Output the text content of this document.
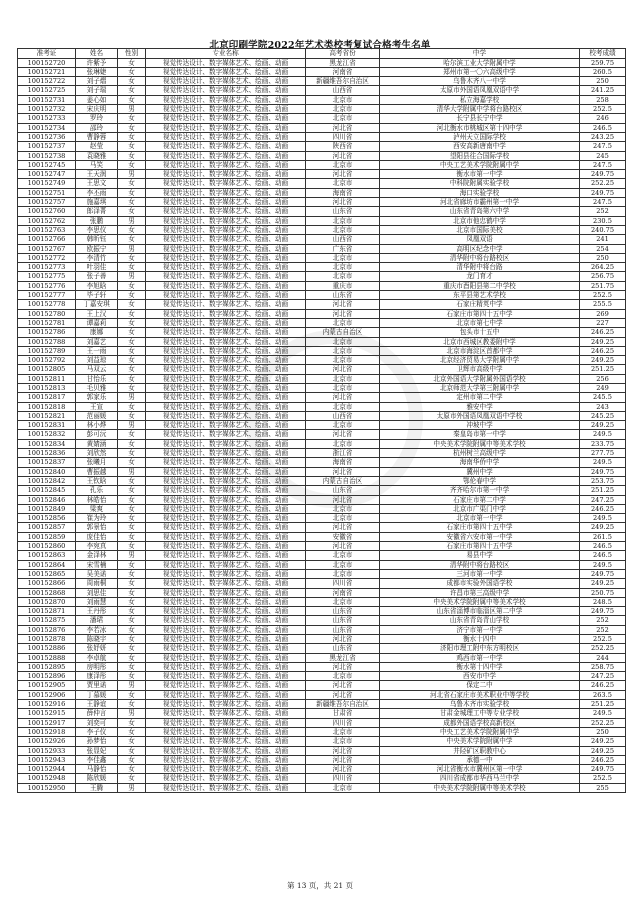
北京印刷学院2022年艺术类校考复试合格考生名单
准考证	姓名	性别	专业名称	高考省份	中学	校考成绩
100152720	许紫予	女	视觉传达设计、数字媒体艺术、绘画、动画	黑龙江省	哈尔滨工业大学附属中学	259.75
100152721	张琳婕	女	视觉传达设计、数字媒体艺术、绘画、动画	河南省	郑州市第一〇六高级中学	260.5
100152722	刘子熠	女	视觉传达设计、数字媒体艺术、绘画、动画	新疆维吾尔自治区	乌鲁木齐八一中学	250
100152725	刘子瑞	女	视觉传达设计、数字媒体艺术、绘画、动画	山西省	太原市外国语凤凰双语中学	241.25
100152731	姜心如	女	视觉传达设计、数字媒体艺术、绘画、动画	北京市	私立海嘉学校	258
100152732	宋庆明	男	视觉传达设计、数字媒体艺术、绘画、动画	北京市	清华大学附属中学将台路校区	252.5
100152733	罗玲	女	视觉传达设计、数字媒体艺术、绘画、动画	北京市	长宁县长宁中学	246
100152734	邵玲	女	视觉传达设计、数字媒体艺术、绘画、动画	河北省	河北衡水市桃城区第十四中学	246.5
100152736	曹静蓉	女	视觉传达设计、数字媒体艺术、绘画、动画	四川省	泸州天立国际学校	243.25
100152737	赵莹	女	视觉传达设计、数字媒体艺术、绘画、动画	陕西省	西安高新唐南中学	247.5
100152738	袁晓雅	女	视觉传达设计、数字媒体艺术、绘画、动画	河北省	望阳县往合国际学校	245
100152745	马笑	女	视觉传达设计、数字媒体艺术、绘画、动画	北京市	中央工艺美术学院附属中学	247.5
100152747	王天润	男	视觉传达设计、数字媒体艺术、绘画、动画	河北省	衡水市第一中学	249.75
100152749	王思文	女	视觉传达设计、数字媒体艺术、绘画、动画	北京市	中科院附属实验学校	252.25
100152751	李丕雨	女	视觉传达设计、数字媒体艺术、绘画、动画	海南省	海口实验学校	249.75
100152757	施嘉琪	女	视觉传达设计、数字媒体艺术、绘画、动画	河北省	河北省廊坊市霸州第一中学	247.5
100152760	郎泽菁	女	视觉传达设计、数字媒体艺术、绘画、动画	山东省	山东省青岛第六中学	252
100152762	张鹏	男	视觉传达设计、数字媒体艺术、绘画、动画	北京市	北京市他忠鹤中学	230.5
100152763	李思仪	女	视觉传达设计、数字媒体艺术、绘画、动画	北京市	北京市国际美校	240.75
100152766	韩昕钰	女	视觉传达设计、数字媒体艺术、绘画、动画	山西省	凤凰双语	241
100152767	欧振宁	男	视觉传达设计、数字媒体艺术、绘画、动画	广东省	高明区纪念中学	254
100152772	李清竹	女	视觉传达设计、数字媒体艺术、绘画、动画	北京市	清华附中将台路校区	250
100152773	叶羽佳	女	视觉传达设计、数字媒体艺术、绘画、动画	北京市	清华附中将台路	264.25
100152775	张子善	男	视觉传达设计、数字媒体艺术、绘画、动画	北京市	龙门育才	256.75
100152776	李旭晗	女	视觉传达设计、数字媒体艺术、绘画、动画	重庆市	重庆市酉阳县第二中学校	251.75
100152777	毕子轩	女	视觉传达设计、数字媒体艺术、绘画、动画	山东省	东平县第艺术学校	252.5
100152778	丁嘉安琪	女	视觉传达设计、数字媒体艺术、绘画、动画	河北省	石家庄精英中学	255.5
100152780	王上汉	女	视觉传达设计、数字媒体艺术、绘画、动画	河北省	石家庄市第四十五中学	269
100152781	谭嘉莉	女	视觉传达设计、数字媒体艺术、绘画、动画	北京市	北京市第七中学	227
100152786	康娜	女	视觉传达设计、数字媒体艺术、绘画、动画	内蒙古自治区	包头市十五中	246.25
100152788	刘嘉艺	女	视觉传达设计、数字媒体艺术、绘画、动画	北京市	北京市西城区教委附中学	249.25
100152789	王一雨	女	视觉传达设计、数字媒体艺术、绘画、动画	北京市	北京市海淀区首都中学	246.25
100152792	刘益琼	女	视觉传达设计、数字媒体艺术、绘画、动画	北京市	北京经济贸易大学附属中学	249.25
100152805	马双云	女	视觉传达设计、数字媒体艺术、绘画、动画	河北省	卫辉市高级中学	251.25
100152811	甘怡乐	女	视觉传达设计、数字媒体艺术、绘画、动画	北京市	北京外国语大学附属外国语学校	256
100152813	毛贝雅	女	视觉传达设计、数字媒体艺术、绘画、动画	北京市	北京师范大学第三附属中学	249
100152817	郭家乐	男	视觉传达设计、数字媒体艺术、绘画、动画	河北省	定州市第二中学	245.5
100152818	王宣	女	视觉传达设计、数字媒体艺术、绘画、动画	北京市	雅安中学	243
100152821	范丽媛	女	视觉传达设计、数字媒体艺术、绘画、动画	山西省	太原市外国语凤凰双语中学校	245.25
100152831	林小烨	男	视觉传达设计、数字媒体艺术、绘画、动画	北京市	冲坡中学	249.25
100152832	彭可沅	女	视觉传达设计、数字媒体艺术、绘画、动画	河北省	秦皇岛市第一中学	249.5
100152834	黄婧涵	女	视觉传达设计、数字媒体艺术、绘画、动画	北京市	中央美术学院附属中等美术学校	233.75
100152836	刘欣然	女	视觉传达设计、数字媒体艺术、绘画、动画	浙江省	杭州树兰高级中学	277.75
100152837	张曦月	女	视觉传达设计、数字媒体艺术、绘画、动画	海南省	海南华侨中学	249.5
100152840	曹振越	男	视觉传达设计、数字媒体艺术、绘画、动画	河北省	冀州中学	249.75
100152842	王钦晗	女	视觉传达设计、数字媒体艺术、绘画、动画	内蒙古自治区	鄂伦春中学	253.75
100152845	孔乐	女	视觉传达设计、数字媒体艺术、绘画、动画	山东省	齐齐哈尔市第一中学	251.25
100152846	林皓怡	女	视觉传达设计、数字媒体艺术、绘画、动画	河北省	石家庄市第二中学	247.25
100152849	梁爽	女	视觉传达设计、数字媒体艺术、绘画、动画	北京市	北京市广渠门中学	246.25
100152856	崔为玲	女	视觉传达设计、数字媒体艺术、绘画、动画	北京市	北京市第一中学	249.5
100152857	郭景怡	女	视觉传达设计、数字媒体艺术、绘画、动画	河北省	石家庄市第四十五中学	249.25
100152859	庞佳怡	女	视觉传达设计、数字媒体艺术、绘画、动画	安徽省	安徽省六安市第一中学	261.5
100152860	李宛真	女	视觉传达设计、数字媒体艺术、绘画、动画	河北省	石家庄市第四十五中学	246.5
100152863	金泽林	男	视觉传达设计、数字媒体艺术、绘画、动画	北京市	易县中学	246.5
100152864	宋雪楠	女	视觉传达设计、数字媒体艺术、绘画、动画	北京市	清华附中将台路校区	249.5
100152865	吴美诺	女	视觉传达设计、数字媒体艺术、绘画、动画	北京市	三河市第一中学	249.75
100152866	周雨桐	女	视觉传达设计、数字媒体艺术、绘画、动画	四川省	成都市实验外国语学校	249.25
100152868	刘思佳	女	视觉传达设计、数字媒体艺术、绘画、动画	河南省	许昌市第三高级中学	250.75
100152870	刘雨慧	女	视觉传达设计、数字媒体艺术、绘画、动画	北京市	中央美术学院附属中等美术学校	248.5
100152871	王丹彤	女	视觉传达设计、数字媒体艺术、绘画、动画	山东省	山东省淄博市临淄区第二中学	249.75
100152875	潘珺	女	视觉传达设计、数字媒体艺术、绘画、动画	山东省	山东省青岛青山学校	252
100152876	李若冰	女	视觉传达设计、数字媒体艺术、绘画、动画	山东省	济宁市第一中学	252
100152878	陈晓宇	女	视觉传达设计、数字媒体艺术、绘画、动画	河北省	衡水十四中	252.5
100152886	张妤妍	女	视觉传达设计、数字媒体艺术、绘画、动画	山东省	济阳市理工附中东方明校区	252.25
100152888	李卓航	女	视觉传达设计、数字媒体艺术、绘画、动画	黑龙江省	鸡西市第一中学	244
100152895	房明彤	女	视觉传达设计、数字媒体艺术、绘画、动画	河北省	衡水第十四中学	258.75
100152896	康泽彤	女	视觉传达设计、数字媒体艺术、绘画、动画	北京市	西安市中学	247.25
100152905	贾里诺	男	视觉传达设计、数字媒体艺术、绘画、动画	河北省	保定二中	246.25
100152906	丁慕媛	女	视觉传达设计、数字媒体艺术、绘画、动画	河北省	河北省石家庄市美术职业中等学校	263.5
100152916	王静谊	女	视觉传达设计、数字媒体艺术、绘画、动画	新疆维吾尔自治区	乌鲁木齐市实验学校	251.25
100152915	薛仲言	男	视觉传达设计、数字媒体艺术、绘画、动画	甘肃省	甘肃金城理工中等专业学校	249.5
100152917	刘奕可	女	视觉传达设计、数字媒体艺术、绘画、动画	四川省	成都外国语学校高新校区	252.25
100152918	李子仪	女	视觉传达设计、数字媒体艺术、绘画、动画	北京市	中央工艺美术学院附属中学	250
100152926	孙梦怡	女	视觉传达设计、数字媒体艺术、绘画、动画	北京市	中央美术学院附属中学	249.25
100152933	张显妃	女	视觉传达设计、数字媒体艺术、绘画、动画	河北省	井陉矿区职教中心	249.25
100152943	李佳鑫	女	视觉传达设计、数字媒体艺术、绘画、动画	河北省	承德一中	246.25
100152944	马静怡	女	视觉传达设计、数字媒体艺术、绘画、动画	河北省	河北省衡水市冀州区第一中学	249.75
100152948	陈欣媛	女	视觉传达设计、数字媒体艺术、绘画、动画	四川省	四川省成都市华西马兰中学	252.5
100152950	王腾	男	视觉传达设计、数字媒体艺术、绘画、动画	北京市	中央美术学院附属中等美术学校	255
第 13 页，共 21 页
